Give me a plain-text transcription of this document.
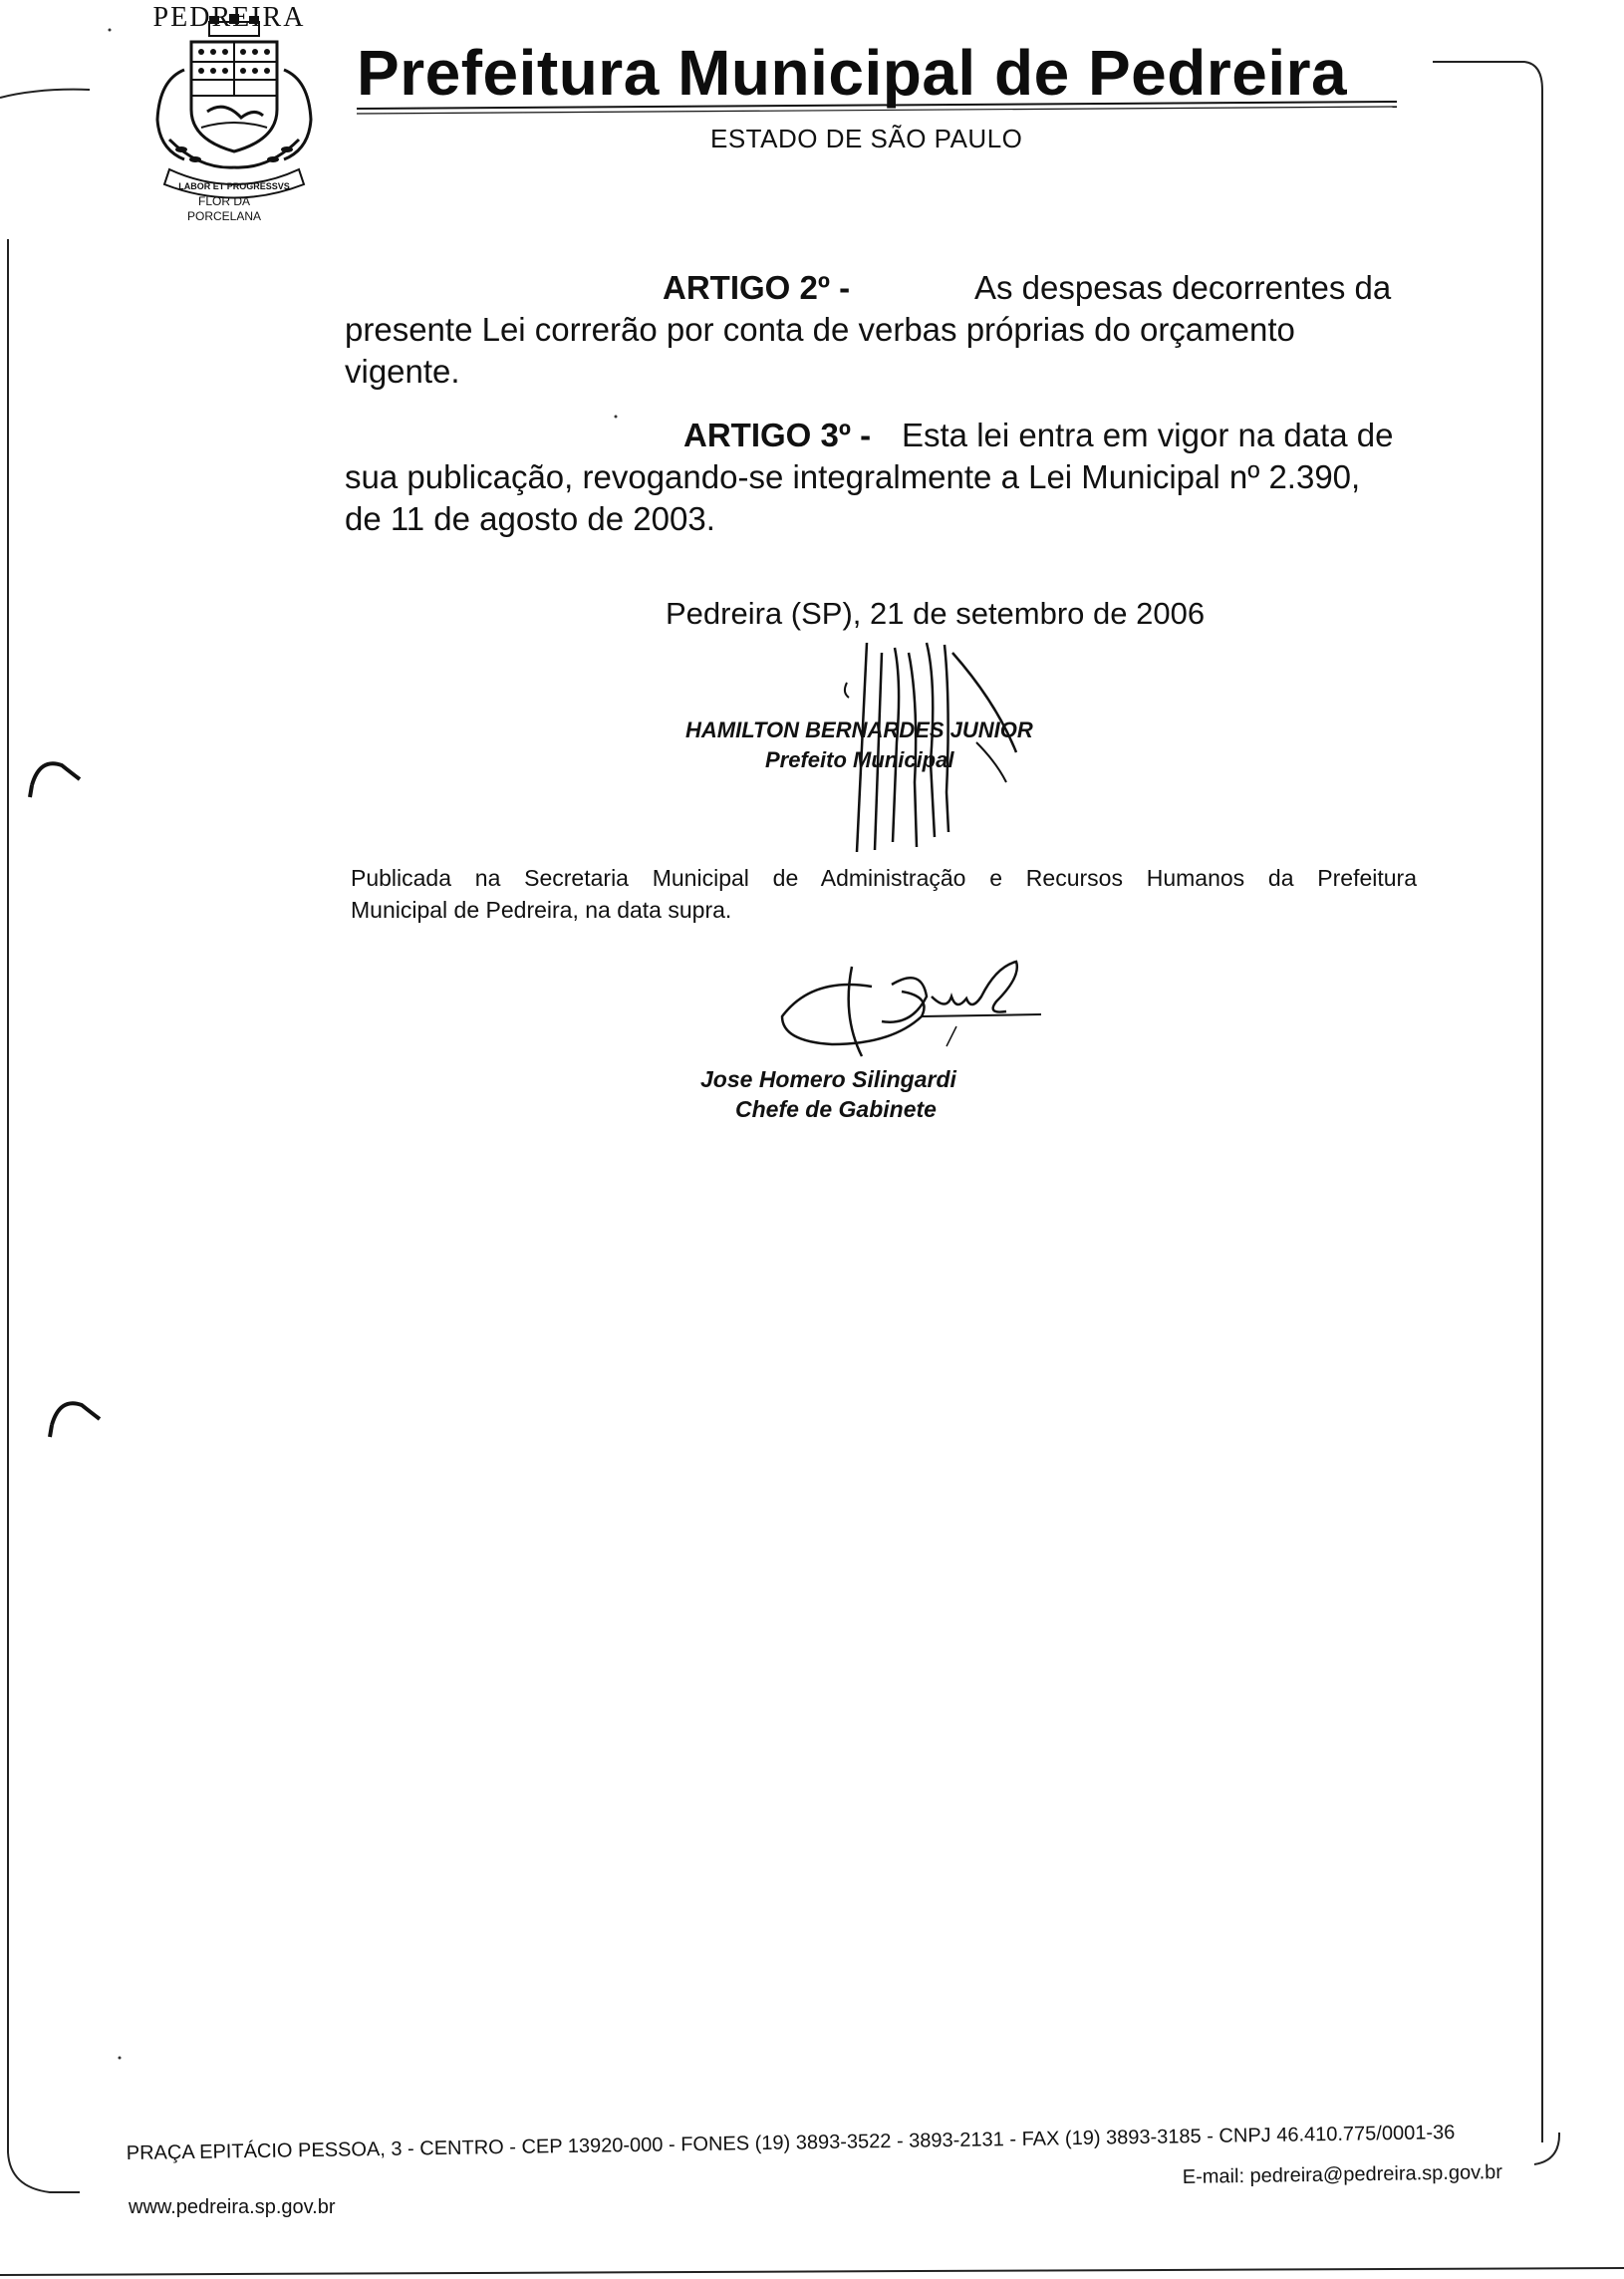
LABOR ET PROGRESSVS
PEDREIRA
FLOR DA
PORCELANA
Prefeitura Municipal de Pedreira
ESTADO DE SÃO PAULO
ARTIGO 2º -	As despesas decorrentes da
presente Lei correrão por conta de verbas próprias do orçamento
vigente.
ARTIGO 3º - Esta lei entra em vigor na data de
sua publicação, revogando-se integralmente a Lei Municipal nº 2.390,
de 11 de agosto de 2003.
Pedreira (SP), 21 de setembro de 2006
HAMILTON BERNARDES JUNIOR
Prefeito Municipal
Publicada na Secretaria Municipal de Administração e Recursos Humanos da Prefeitura
Municipal de Pedreira, na data supra.
Jose Homero Silingardi
Chefe de Gabinete
PRAÇA EPITÁCIO PESSOA, 3 - CENTRO - CEP 13920-000 - FONES (19) 3893-3522 - 3893-2131 - FAX (19) 3893-3185 - CNPJ 46.410.775/0001-36
E-mail: pedreira@pedreira.sp.gov.br
www.pedreira.sp.gov.br
